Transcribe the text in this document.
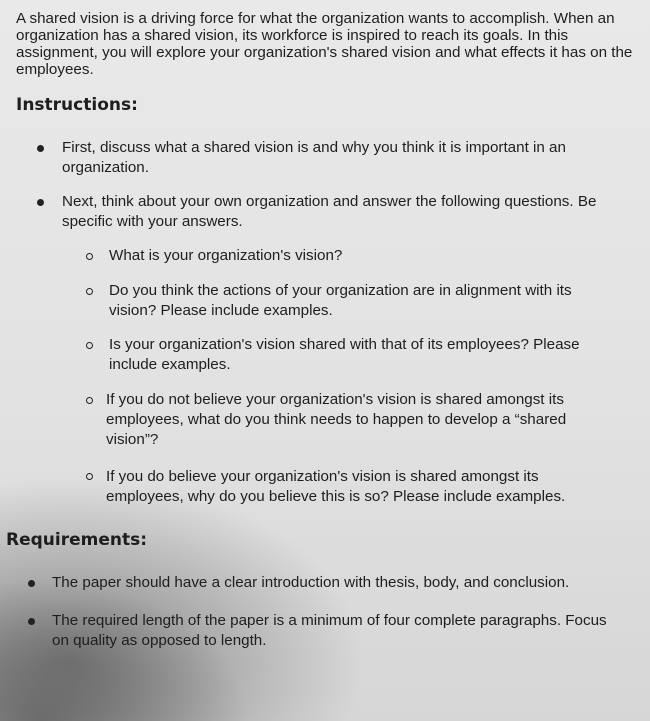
A shared vision is a driving force for what the organization wants to accomplish. When an organization has a shared vision, its workforce is inspired to reach its goals. In this assignment, you will explore your organization's shared vision and what effects it has on the employees.

Instructions:
First, discuss what a shared vision is and why you think it is important in an organization.
Next, think about your own organization and answer the following questions. Be specific with your answers.
What is your organization's vision?
Do you think the actions of your organization are in alignment with its vision? Please include examples.
Is your organization's vision shared with that of its employees? Please include examples.
If you do not believe your organization's vision is shared amongst its employees, what do you think needs to happen to develop a “shared vision”?
If you do believe your organization's vision is shared amongst its employees, why do you believe this is so? Please include examples.
Requirements:
The paper should have a clear introduction with thesis, body, and conclusion.
The required length of the paper is a minimum of four complete paragraphs. Focus on quality as opposed to length.
